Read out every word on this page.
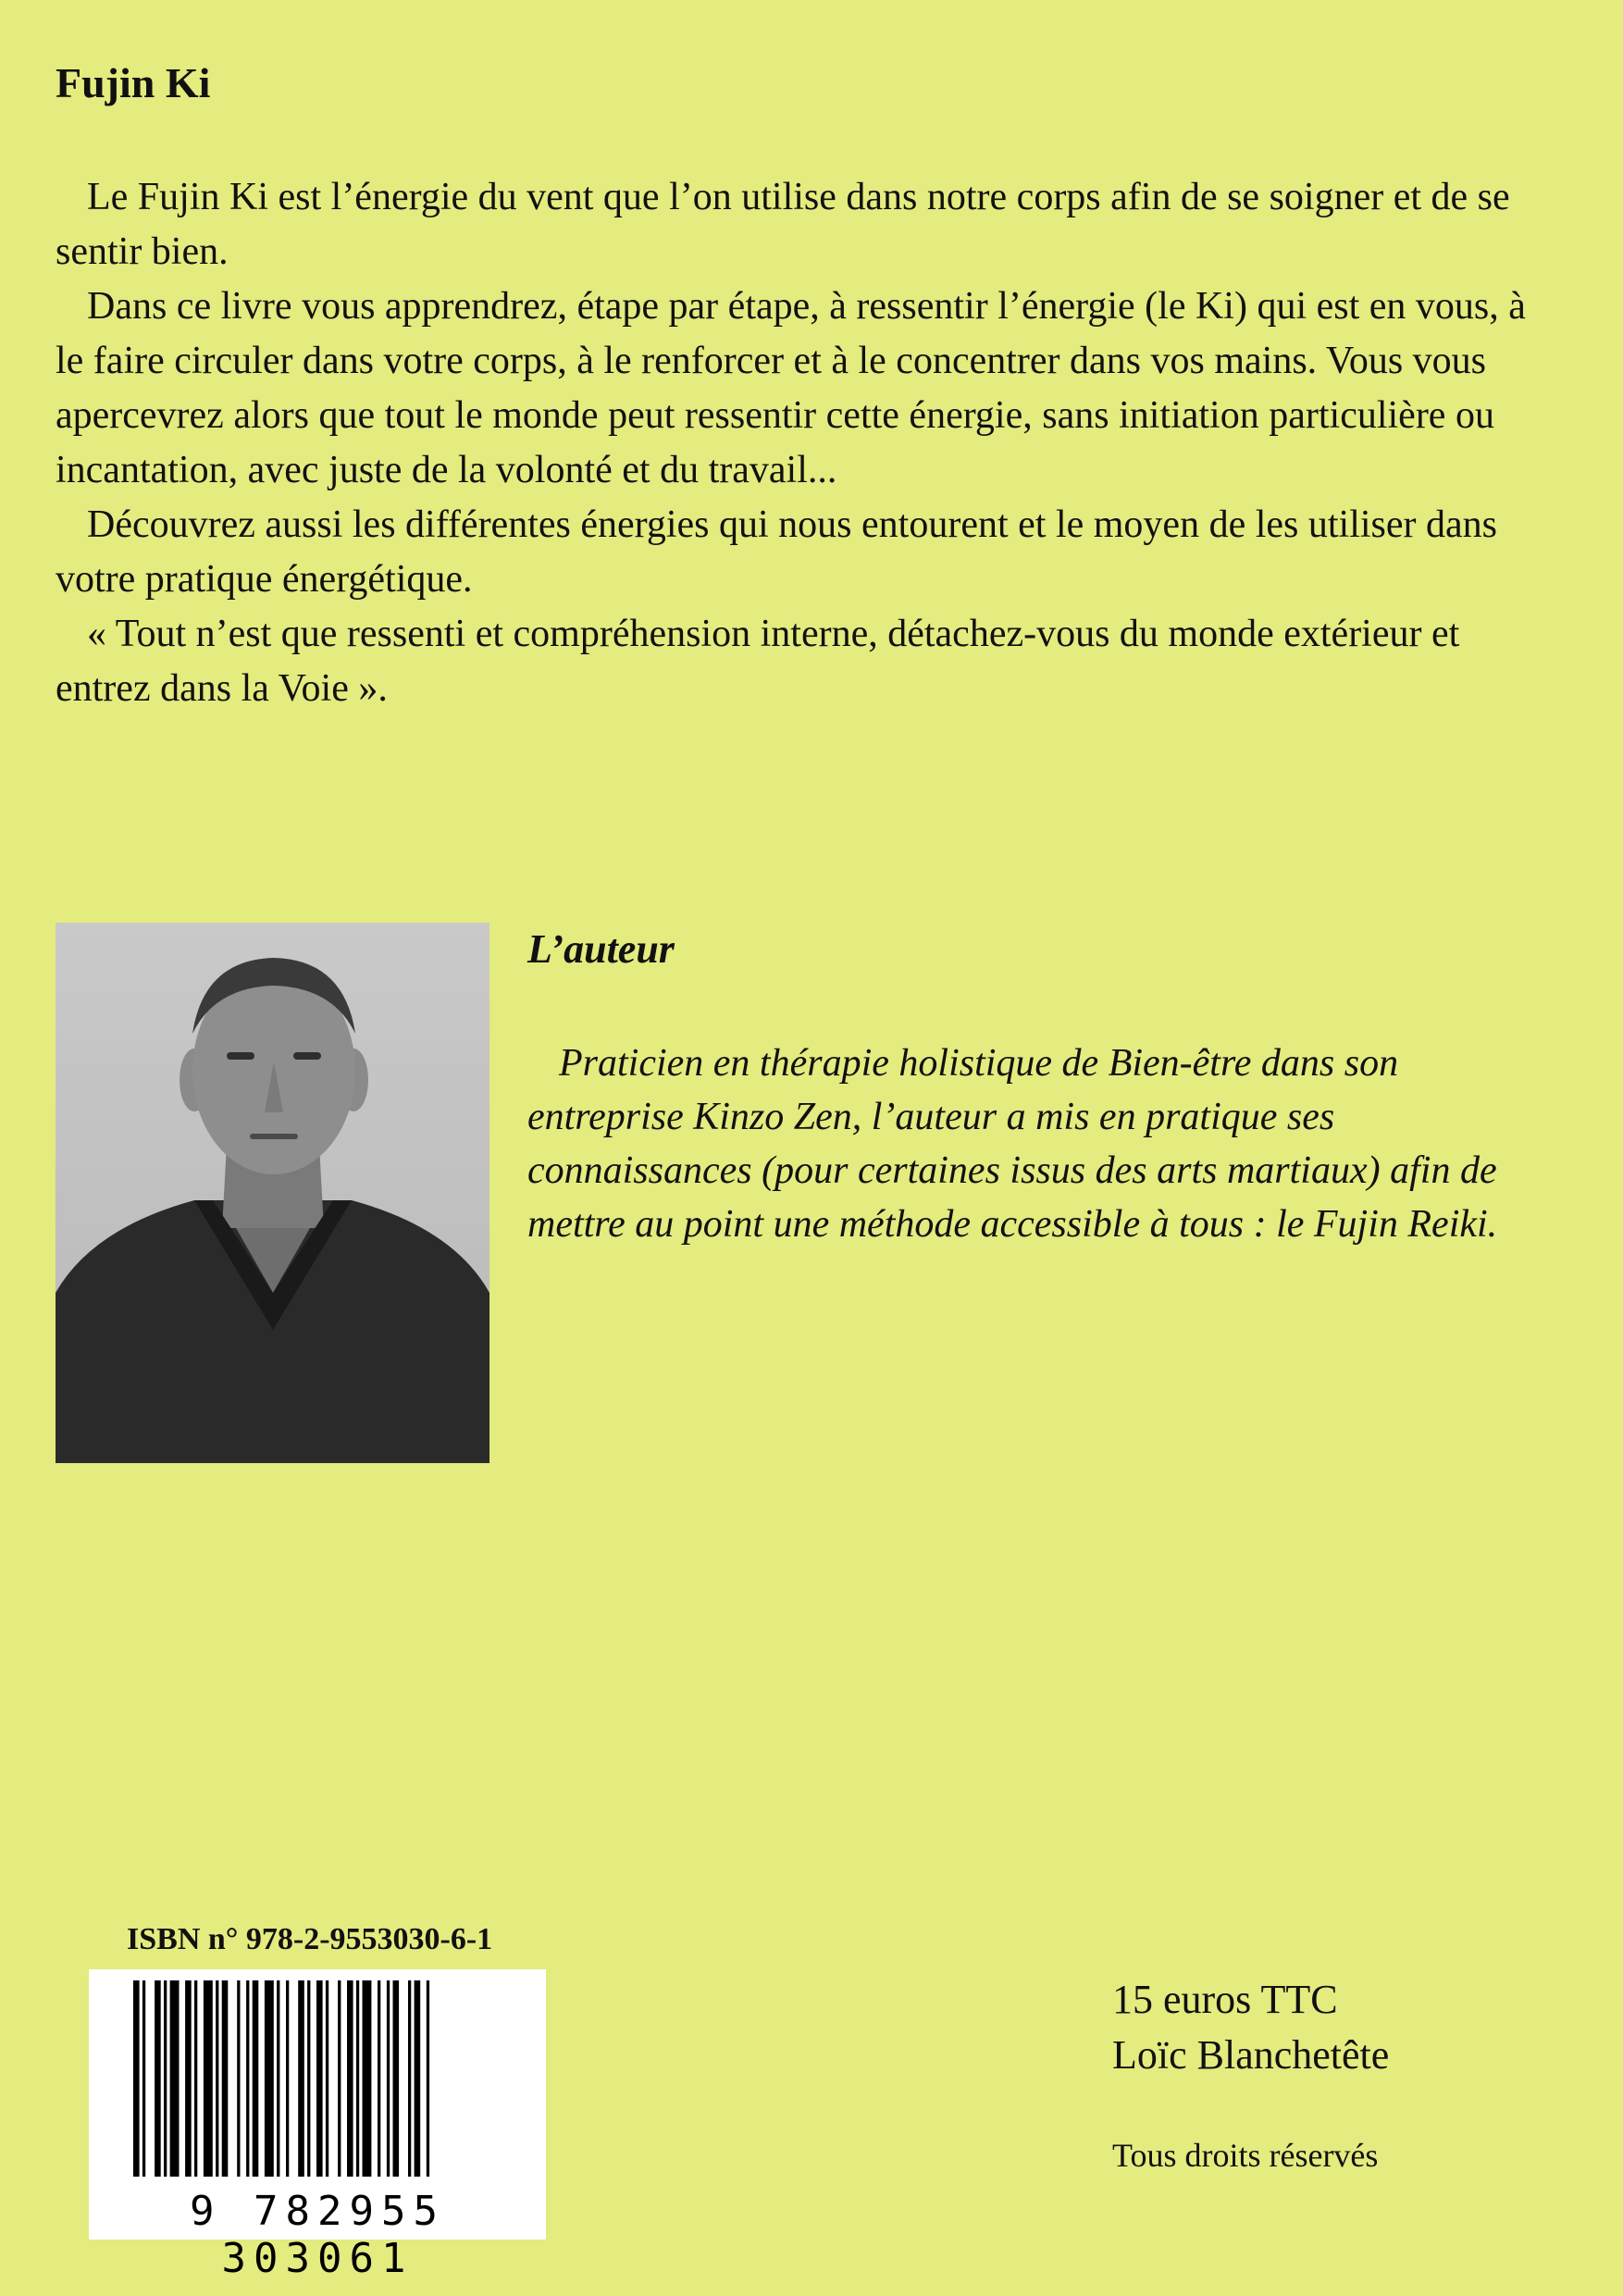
Fujin Ki

Le Fujin Ki est l’énergie du vent que l’on utilise dans notre corps afin de se soigner et de se sentir bien.

Dans ce livre vous apprendrez, étape par étape, à ressentir l’énergie (le Ki) qui est en vous, à le faire circuler dans votre corps, à le renforcer et à le concentrer dans vos mains. Vous vous apercevrez alors que tout le monde peut ressentir cette énergie, sans initiation particulière ou incantation, avec juste de la volonté et du travail...

Découvrez aussi les différentes énergies qui nous entourent et le moyen de les utiliser dans votre pratique énergétique.

« Tout n’est que ressenti et compréhension interne, détachez-vous du monde extérieur et entrez dans la Voie ».

L’auteur

Praticien en thérapie holistique de Bien-être dans son entreprise Kinzo Zen, l’auteur a mis en pratique ses connaissances (pour certaines issus des arts martiaux) afin de mettre au point une méthode accessible à tous : le Fujin Reiki.

ISBN n° 978-2-9553030-6-1
9 782955 303061
15 euros TTC
Loïc Blanchetête
Tous droits réservés
